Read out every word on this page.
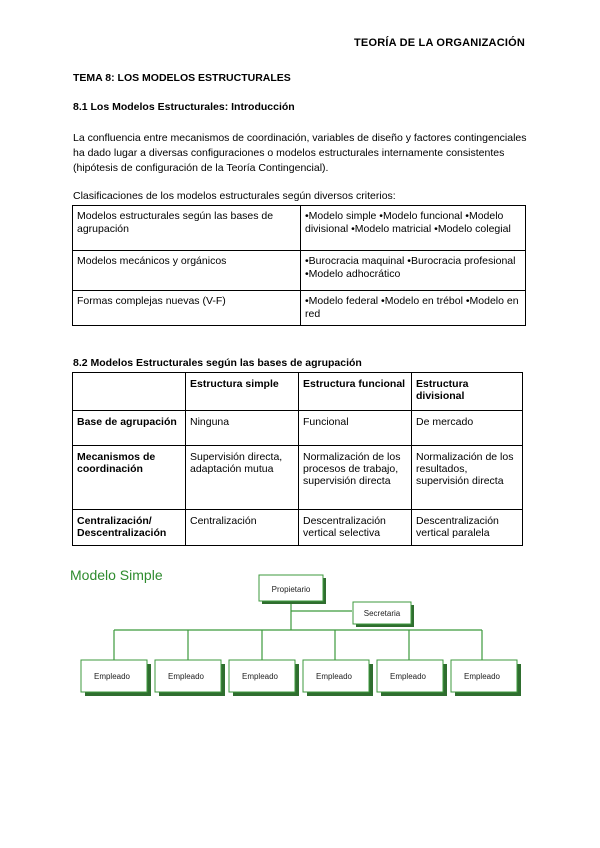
TEORÍA DE LA ORGANIZACIÓN
TEMA 8: LOS MODELOS ESTRUCTURALES
8.1 Los Modelos Estructurales: Introducción
La confluencia entre mecanismos de coordinación, variables de diseño y factores contingenciales ha dado lugar a diversas configuraciones o modelos estructurales internamente consistentes (hipótesis de configuración de la Teoría Contingencial).
Clasificaciones de los modelos estructurales según diversos criterios:
Modelos estructurales según las bases de agrupación	•Modelo simple •Modelo funcional •Modelo divisional •Modelo matricial •Modelo colegial
Modelos mecánicos y orgánicos	•Burocracia maquinal •Burocracia profesional •Modelo adhocrático
Formas complejas nuevas (V-F)	•Modelo federal •Modelo en trébol •Modelo en red
8.2 Modelos Estructurales según las bases de agrupación
	Estructura simple	Estructura funcional	Estructura divisional
Base de agrupación	Ninguna	Funcional	De mercado
Mecanismos de coordinación	Supervisión directa, adaptación mutua	Normalización de los procesos de trabajo, supervisión directa	Normalización de los resultados, supervisión directa
Centralización/ Descentralización	Centralización	Descentralización vertical selectiva	Descentralización vertical paralela
Modelo Simple
Propietario
Secretaria
Empleado	Empleado	Empleado	Empleado	Empleado	Empleado
